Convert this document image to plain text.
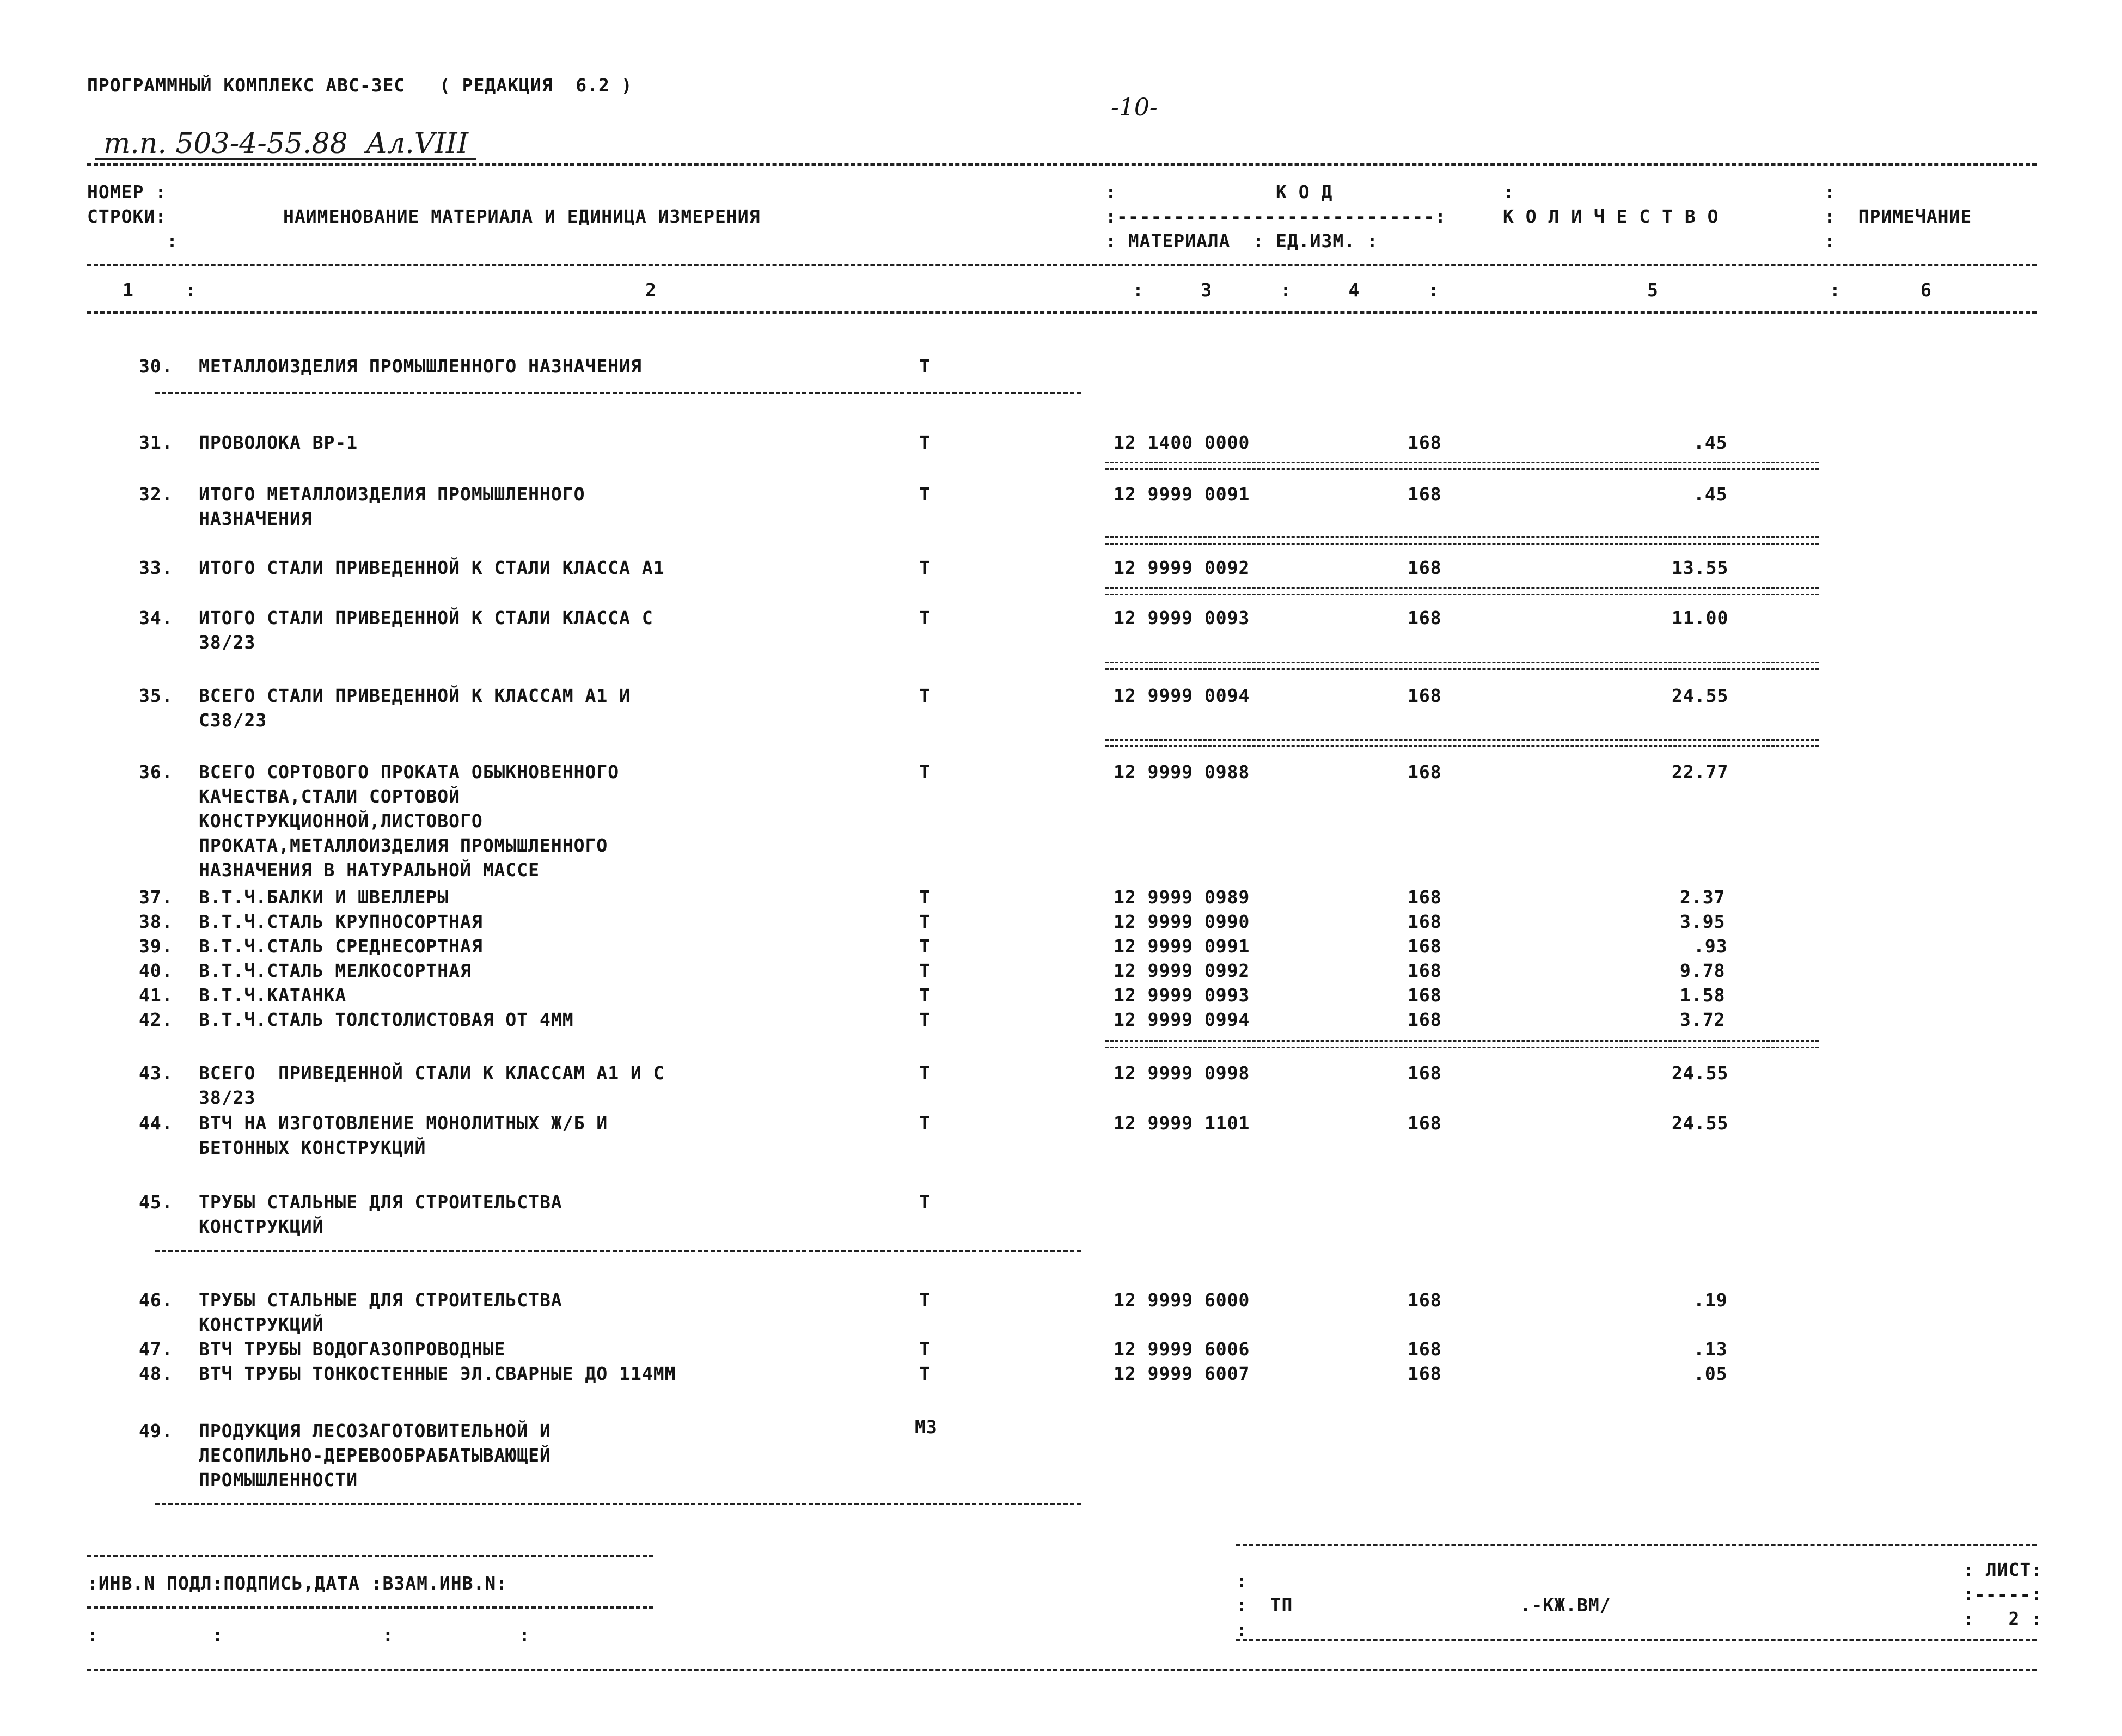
ПРОГРАММНЫЙ КОМПЛЕКС АВС-3ЕС   ( РЕДАКЦИЯ  6.2 )
-10-
т.п. 503-4-55.88  Ал.VIII
НОМЕР :
СТРОКИ:
:
НАИМЕНОВАНИЕ МАТЕРИАЛА И ЕДИНИЦА ИЗМЕРЕНИЯ
:              К О Д               :
:----------------------------:
: МАТЕРИАЛА  : ЕД.ИЗМ. :
К О Л И Ч Е С Т В О
:
:  ПРИМЕЧАНИЕ
:
1	:	2	:     3      :     4      :	5	:       6
30. МЕТАЛЛОИЗДЕЛИЯ ПРОМЫШЛЕННОГО НАЗНАЧЕНИЯ	Т
31. ПРОВОЛОКА ВР-1	Т	12 1400 0000	168	.45
32. ИТОГО МЕТАЛЛОИЗДЕЛИЯ ПРОМЫШЛЕННОГО
НАЗНАЧЕНИЯ
Т	12 9999 0091	168	.45
33. ИТОГО СТАЛИ ПРИВЕДЕННОЙ К СТАЛИ КЛАССА А1	Т	12 9999 0092	168	13.55
34. ИТОГО СТАЛИ ПРИВЕДЕННОЙ К СТАЛИ КЛАССА С
38/23
Т	12 9999 0093	168	11.00
35. ВСЕГО СТАЛИ ПРИВЕДЕННОЙ К КЛАССАМ А1 И
С38/23
Т	12 9999 0094	168	24.55
36. ВСЕГО СОРТОВОГО ПРОКАТА ОБЫКНОВЕННОГО
КАЧЕСТВА,СТАЛИ СОРТОВОЙ
КОНСТРУКЦИОННОЙ,ЛИСТОВОГО
ПРОКАТА,МЕТАЛЛОИЗДЕЛИЯ ПРОМЫШЛЕННОГО
НАЗНАЧЕНИЯ В НАТУРАЛЬНОЙ МАССЕ
Т	12 9999 0988	168	22.77
37. В.Т.Ч.БАЛКИ И ШВЕЛЛЕРЫ	Т	12 9999 0989	168	2.37
38. В.Т.Ч.СТАЛЬ КРУПНОСОРТНАЯ	Т	12 9999 0990	168	3.95
39. В.Т.Ч.СТАЛЬ СРЕДНЕСОРТНАЯ	Т	12 9999 0991	168	.93
40. В.Т.Ч.СТАЛЬ МЕЛКОСОРТНАЯ	Т	12 9999 0992	168	9.78
41. В.Т.Ч.КАТАНКА	Т	12 9999 0993	168	1.58
42. В.Т.Ч.СТАЛЬ ТОЛСТОЛИСТОВАЯ ОТ 4ММ	Т	12 9999 0994	168	3.72
43. ВСЕГО  ПРИВЕДЕННОЙ СТАЛИ К КЛАССАМ А1 И С
38/23
Т	12 9999 0998	168	24.55
44. ВТЧ НА ИЗГОТОВЛЕНИЕ МОНОЛИТНЫХ Ж/Б И
БЕТОННЫХ КОНСТРУКЦИЙ
Т	12 9999 1101	168	24.55
45. ТРУБЫ СТАЛЬНЫЕ ДЛЯ СТРОИТЕЛЬСТВА
КОНСТРУКЦИЙ
Т
46. ТРУБЫ СТАЛЬНЫЕ ДЛЯ СТРОИТЕЛЬСТВА
КОНСТРУКЦИЙ
Т	12 9999 6000	168	.19
47. ВТЧ ТРУБЫ ВОДОГАЗОПРОВОДНЫЕ	Т	12 9999 6006	168	.13
48. ВТЧ ТРУБЫ ТОНКОСТЕННЫЕ ЭЛ.СВАРНЫЕ ДО 114ММ	Т	12 9999 6007	168	.05
49. ПРОДУКЦИЯ ЛЕСОЗАГОТОВИТЕЛЬНОЙ И
ЛЕСОПИЛЬНО-ДЕРЕВООБРАБАТЫВАЮЩЕЙ
ПРОМЫШЛЕННОСТИ
М3
:ИНВ.N ПОДЛ:ПОДПИСЬ,ДАТА :ВЗАМ.ИНВ.N:
:          :              :           :
:
:  ТП                    .-КЖ.ВМ/
:
: ЛИСТ:
:-----:
:   2 :
